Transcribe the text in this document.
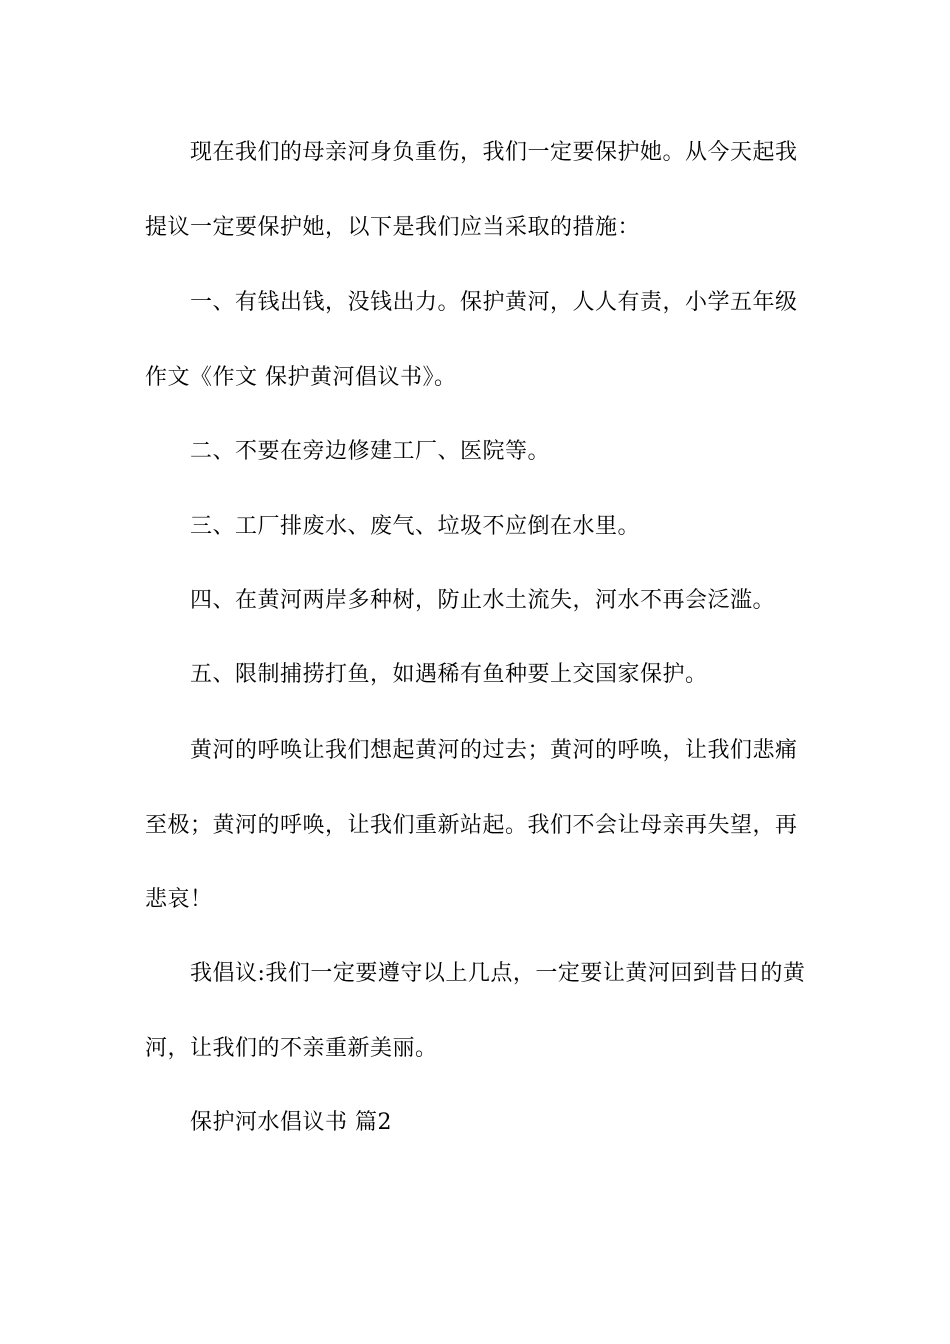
现在我们的母亲河身负重伤，我们一定要保护她。从今天起我
提议一定要保护她，以下是我们应当采取的措施：
一、有钱出钱，没钱出力。保护黄河，人人有责，小学五年级
作文《作文 保护黄河倡议书》。
二、不要在旁边修建工厂、医院等。
三、工厂排废水、废气、垃圾不应倒在水里。
四、在黄河两岸多种树，防止水土流失，河水不再会泛滥。
五、限制捕捞打鱼，如遇稀有鱼种要上交国家保护。
黄河的呼唤让我们想起黄河的过去；黄河的呼唤，让我们悲痛
至极；黄河的呼唤，让我们重新站起。我们不会让母亲再失望，再
悲哀！
我倡议:我们一定要遵守以上几点，一定要让黄河回到昔日的黄
河，让我们的不亲重新美丽。
保护河水倡议书 篇2
